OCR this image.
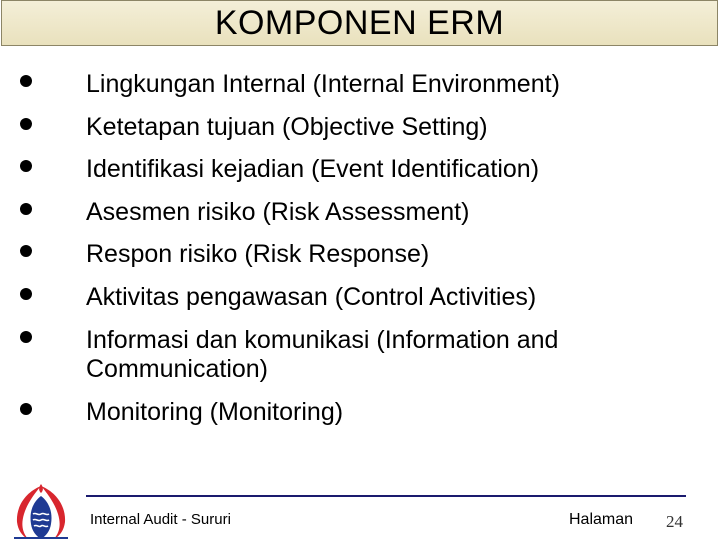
KOMPONEN ERM
Lingkungan Internal (Internal Environment)
Ketetapan tujuan (Objective Setting)
Identifikasi kejadian (Event Identification)
Asesmen risiko (Risk Assessment)
Respon risiko (Risk Response)
Aktivitas pengawasan (Control Activities)
Informasi dan komunikasi (Information and Communication)
Monitoring (Monitoring)
Internal Audit - Sururi	Halaman 24
